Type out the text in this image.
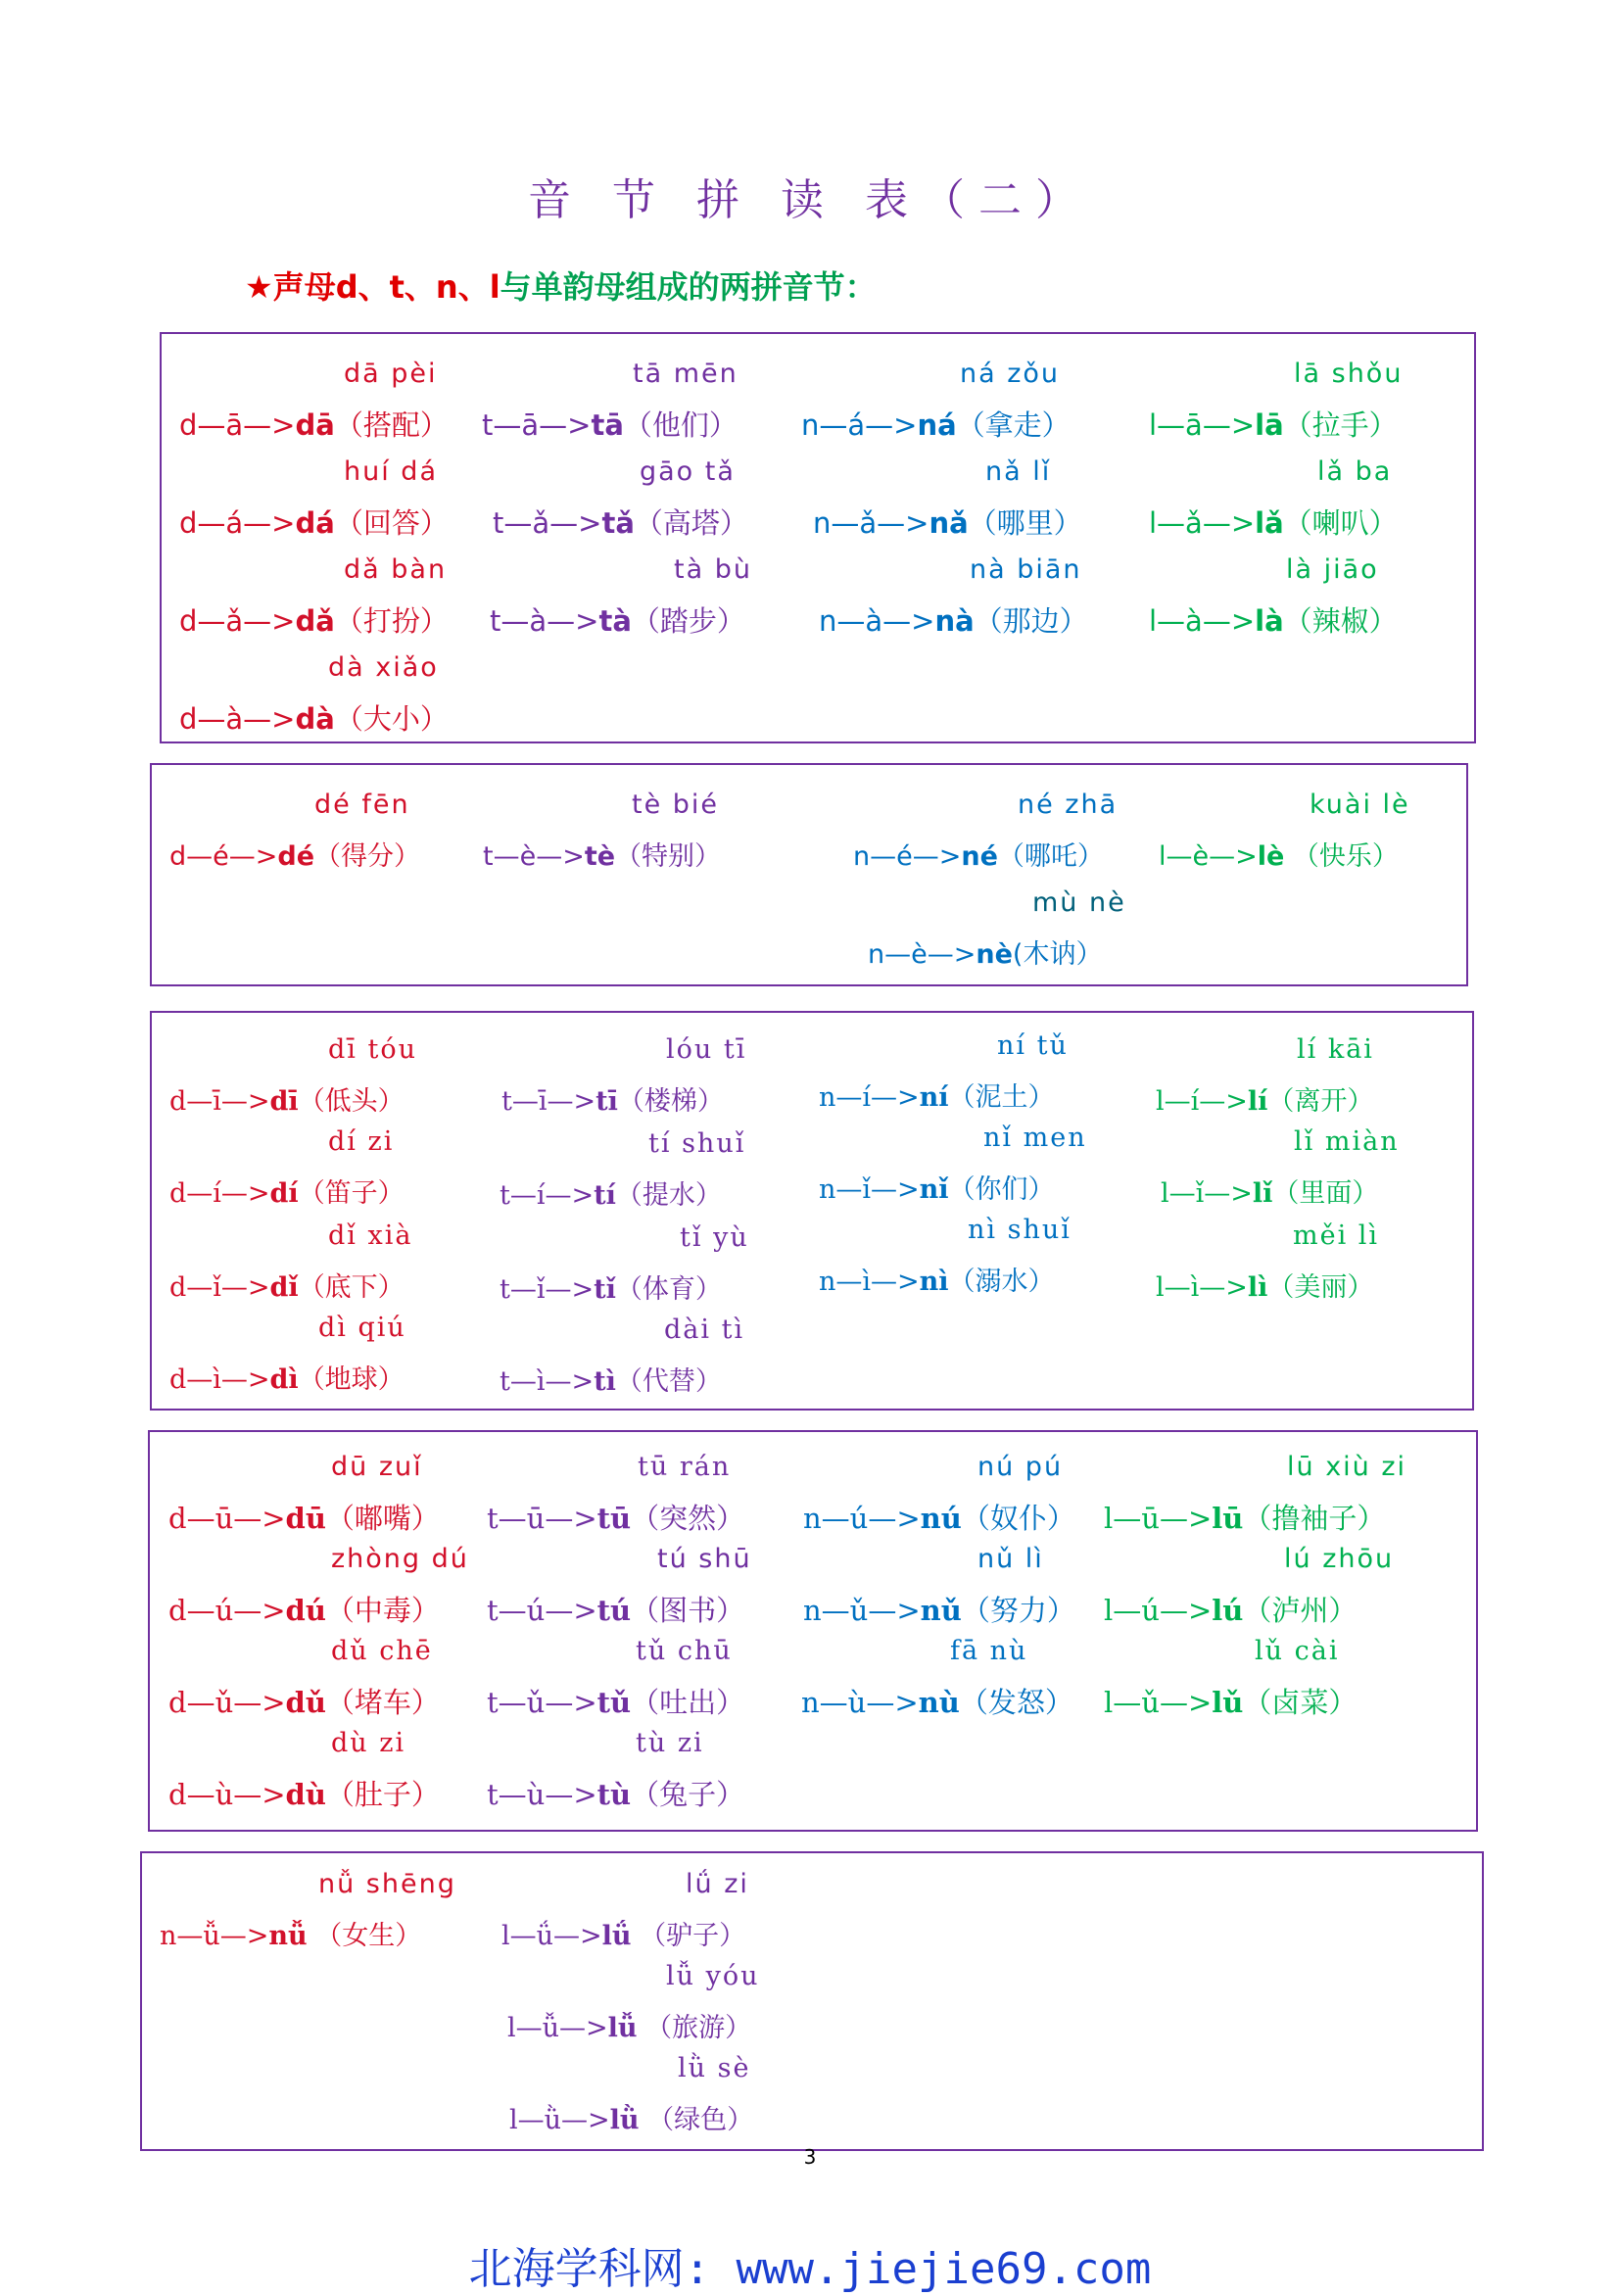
音 节 拼 读 表（二）
★声母d、t、n、l与单韵母组成的两拼音节：
dā pèi
d—ā—>dā（搭配）
tā mēn
t—ā—>tā（他们）
ná zǒu
n—á—>ná（拿走）
lā shǒu
l—ā—>lā（拉手）
huí dá
d—á—>dá（回答）
gāo tǎ
t—ǎ—>tǎ（高塔）
nǎ lǐ
n—ǎ—>nǎ（哪里）
lǎ ba
l—ǎ—>lǎ（喇叭）
dǎ bàn
d—ǎ—>dǎ（打扮）
tà bù
t—à—>tà（踏步）
nà biān
n—à—>nà（那边）
là jiāo
l—à—>là（辣椒）
dà xiǎo
d—à—>dà（大小）
dé fēn
d—é—>dé（得分）
tè bié
t—è—>tè（特别）
né zhā
n—é—>né（哪吒）
kuài lè
l—è—>lè （快乐）
mù nè
n—è—>nè(木讷）
dī tóu
d—ī—>dī（低头）
lóu tī
t—ī—>tī（楼梯）
ní tǔ
n—í—>ní（泥土）
lí kāi
l—í—>lí（离开）
dí zi
d—í—>dí（笛子）
tí shuǐ
t—í—>tí（提水）
nǐ men
n—ǐ—>nǐ（你们）
lǐ miàn
l—ǐ—>lǐ（里面）
dǐ xià
d—ǐ—>dǐ（底下）
tǐ yù
t—ǐ—>tǐ（体育）
nì shuǐ
n—ì—>nì（溺水）
měi lì
l—ì—>lì（美丽）
dì qiú
d—ì—>dì（地球）
dài tì
t—ì—>tì（代替）
dū zuǐ
d—ū—>dū（嘟嘴）
tū rán
t—ū—>tū（突然）
nú pú
n—ú—>nú（奴仆）
lū xiù zi
l—ū—>lū（撸袖子）
zhòng dú
d—ú—>dú（中毒）
tú shū
t—ú—>tú（图书）
nǔ lì
n—ǔ—>nǔ（努力）
lú zhōu
l—ú—>lú（泸州）
dǔ chē
d—ǔ—>dǔ（堵车）
tǔ chū
t—ǔ—>tǔ（吐出）
fā nù
n—ù—>nù（发怒）
lǔ cài
l—ǔ—>lǔ（卤菜）
dù zi
d—ù—>dù（肚子）
tù zi
t—ù—>tù（兔子）
nǚ shēng
n—ǚ—>nǚ （女生）
lǘ zi
l—ǘ—>lǘ （驴子）
lǚ yóu
l—ǚ—>lǚ （旅游）
lǜ sè
l—ǜ—>lǜ （绿色）
3
北海学科网: www.jiejie69.com
